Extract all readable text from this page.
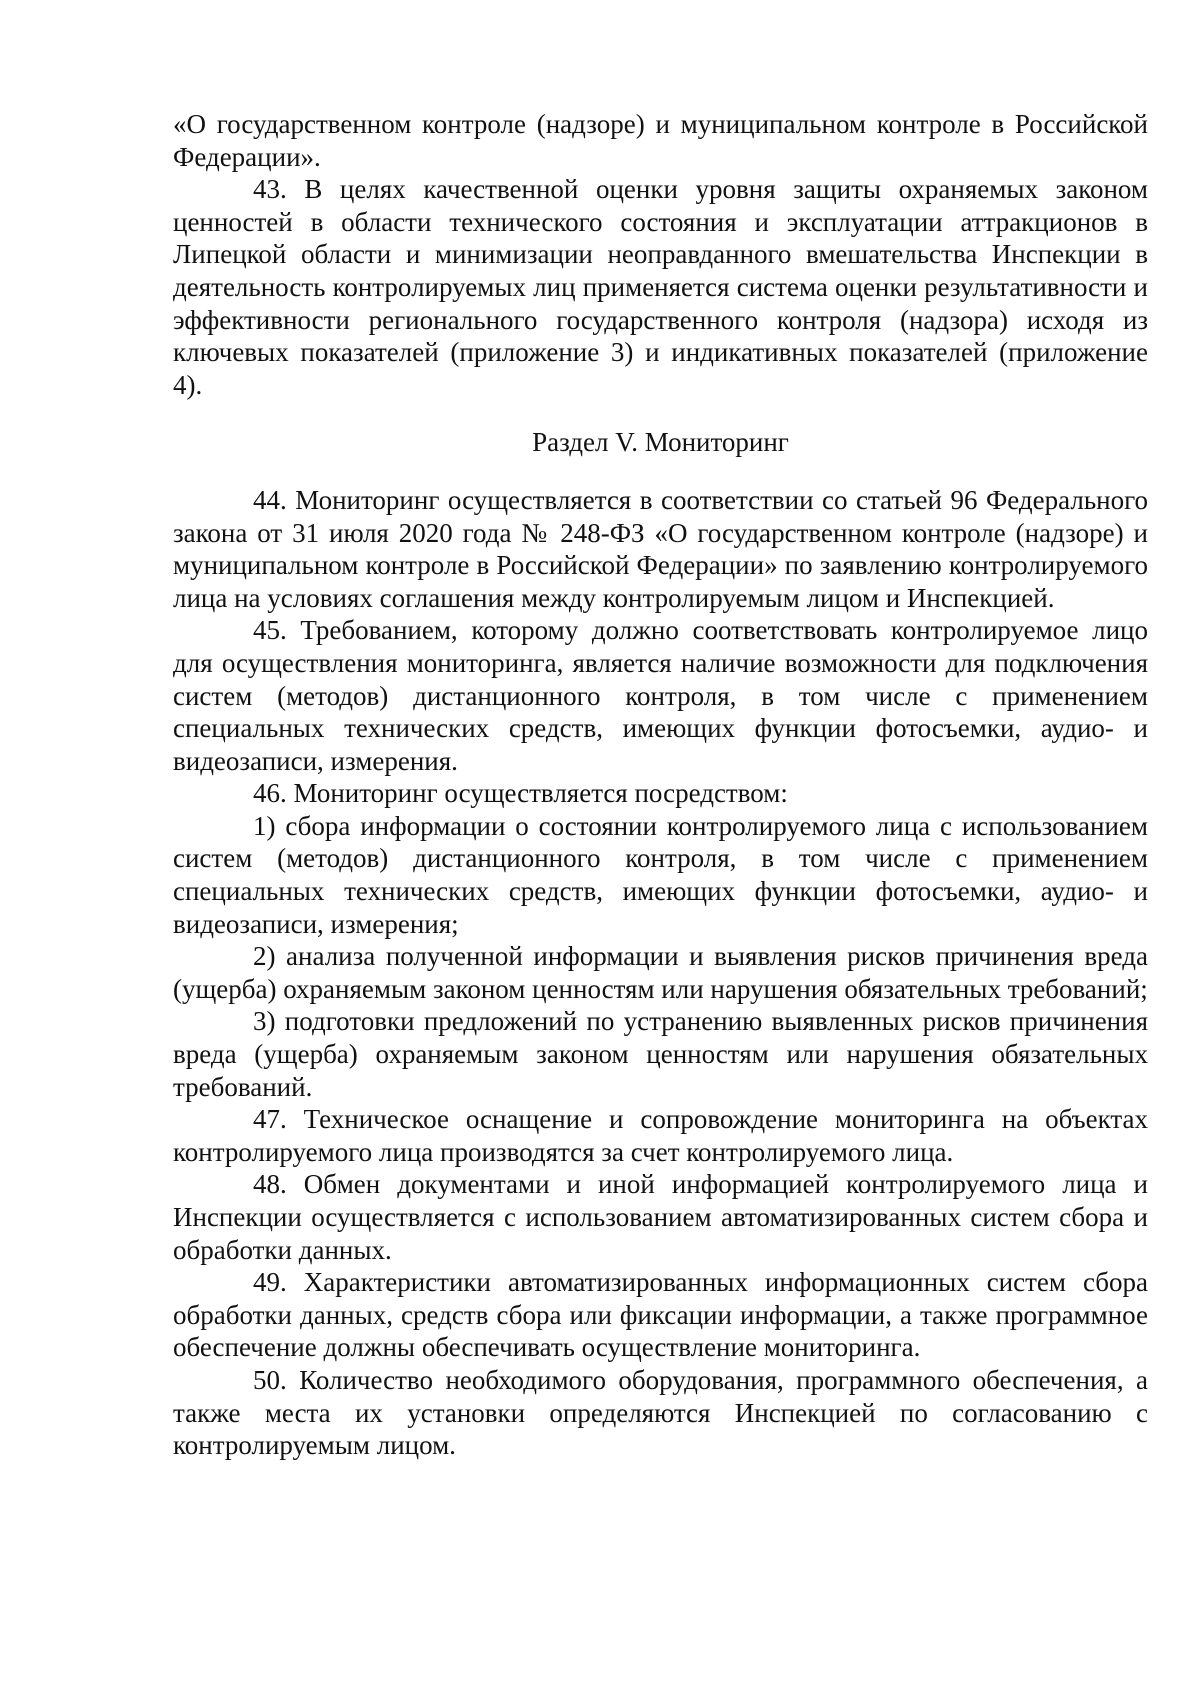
«О государственном контроле (надзоре) и муниципальном контроле в Российской Федерации».

43. В целях качественной оценки уровня защиты охраняемых законом ценностей в области технического состояния и эксплуатации аттракционов в Липецкой области и минимизации неоправданного вмешательства Инспекции в деятельность контролируемых лиц применяется система оценки результативности и эффективности регионального государственного контроля (надзора) исходя из ключевых показателей (приложение 3) и индикативных показателей (приложение 4).

Раздел V. Мониторинг

44. Мониторинг осуществляется в соответствии со статьей 96 Федерального закона от 31 июля 2020 года № 248-ФЗ «О государственном контроле (надзоре) и муниципальном контроле в Российской Федерации» по заявлению контролируемого лица на условиях соглашения между контролируемым лицом и Инспекцией.

45. Требованием, которому должно соответствовать контролируемое лицо для осуществления мониторинга, является наличие возможности для подключения систем (методов) дистанционного контроля, в том числе с применением специальных технических средств, имеющих функции фотосъемки, аудио- и видеозаписи, измерения.

46. Мониторинг осуществляется посредством:

1) сбора информации о состоянии контролируемого лица с использованием систем (методов) дистанционного контроля, в том числе с применением специальных технических средств, имеющих функции фотосъемки, аудио- и видеозаписи, измерения;

2) анализа полученной информации и выявления рисков причинения вреда (ущерба) охраняемым законом ценностям или нарушения обязательных требований;

3) подготовки предложений по устранению выявленных рисков причинения вреда (ущерба) охраняемым законом ценностям или нарушения обязательных требований.

47. Техническое оснащение и сопровождение мониторинга на объектах контролируемого лица производятся за счет контролируемого лица.

48. Обмен документами и иной информацией контролируемого лица и Инспекции осуществляется с использованием автоматизированных систем сбора и обработки данных.

49. Характеристики автоматизированных информационных систем сбора обработки данных, средств сбора или фиксации информации, а также программное обеспечение должны обеспечивать осуществление мониторинга.

50. Количество необходимого оборудования, программного обеспечения, а также места их установки определяются Инспекцией по согласованию с контролируемым лицом.
